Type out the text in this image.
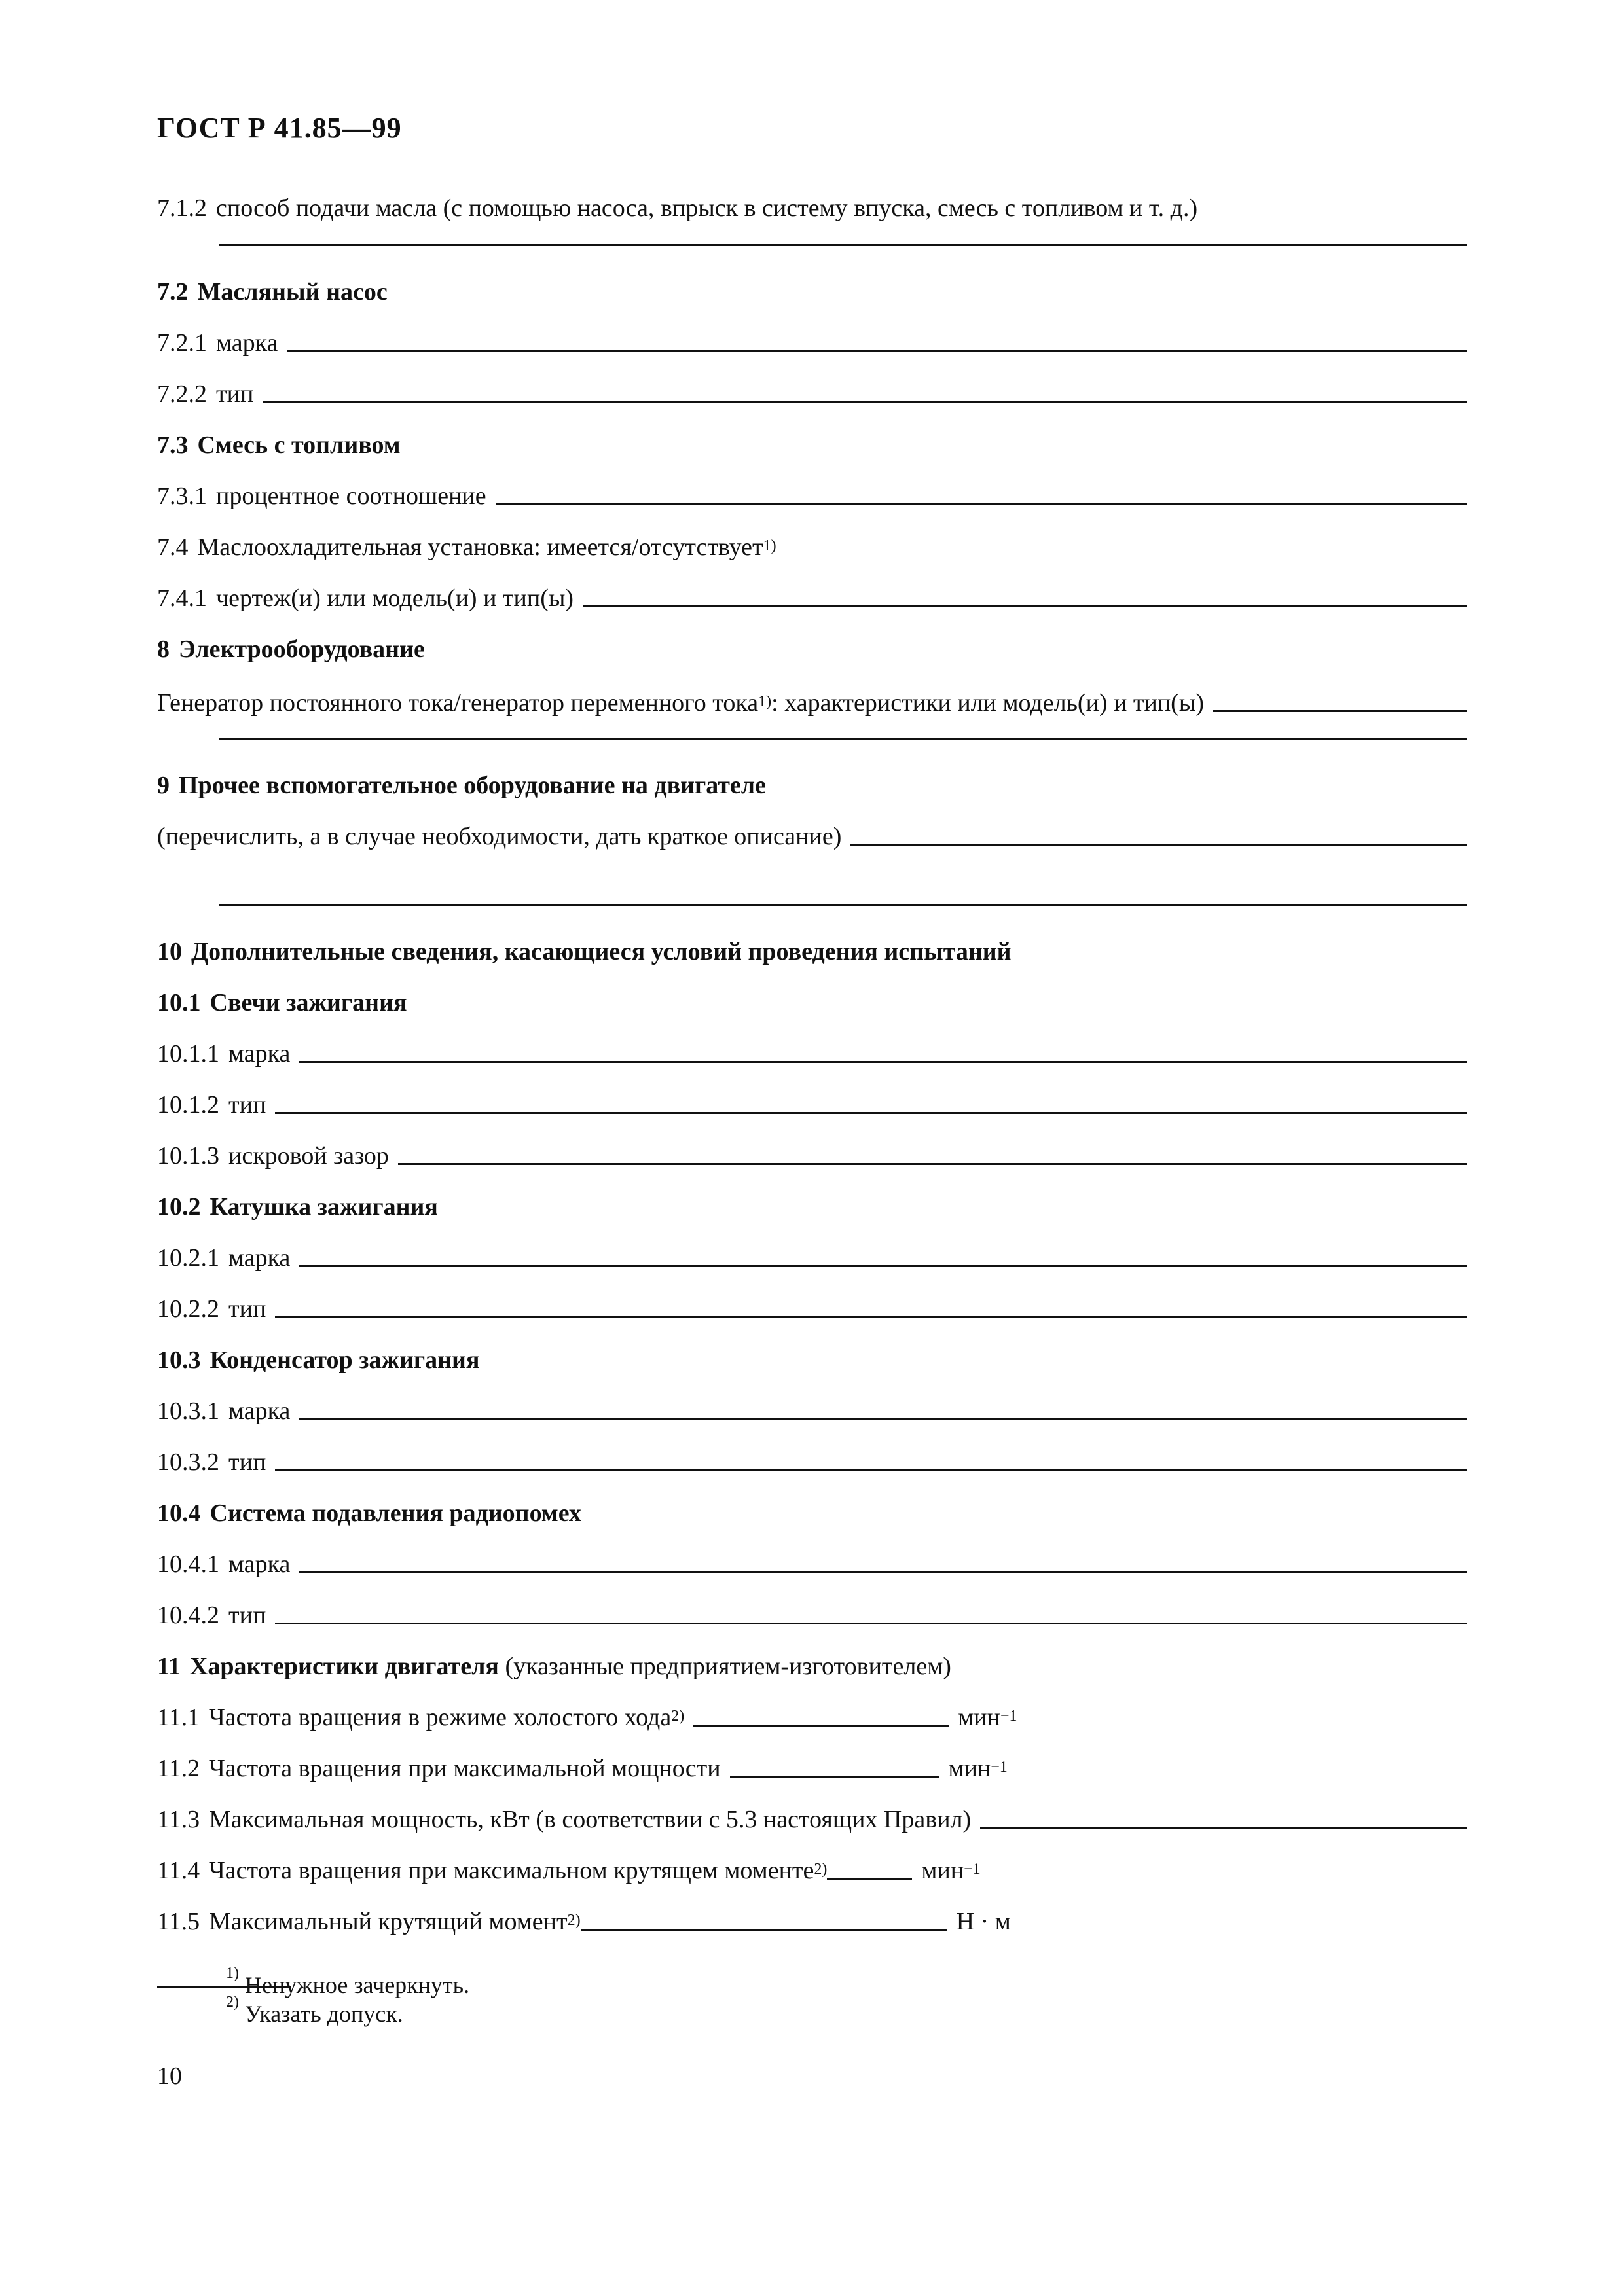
ГОСТ Р 41.85—99
7.1.2 способ подачи масла (с помощью насоса, впрыск в систему впуска, смесь с топливом и т. д.)
7.2 Масляный насос
7.2.1 марка
7.2.2 тип
7.3 Смесь с топливом
7.3.1 процентное соотношение
7.4 Маслоохладительная установка: имеется/отсутствует$^{1)}$
7.4.1 чертеж(и) или модель(и) и тип(ы)
8 Электрооборудование
Генератор постоянного тока/генератор переменного тока$^{1)}$ : характеристики или модель(и) и тип(ы)
9 Прочее вспомогательное оборудование на двигателе
(перечислить, а в случае необходимости, дать краткое описание)
10 Дополнительные сведения, касающиеся условий проведения испытаний
10.1 Свечи зажигания
10.1.1 марка
10.1.2 тип
10.1.3 искровой зазор
10.2 Катушка зажигания
10.2.1 марка
10.2.2 тип
10.3 Конденсатор зажигания
10.3.1 марка
10.3.2 тип
10.4 Система подавления радиопомех
10.4.1 марка
10.4.2 тип
11 Характеристики двигателя
(указанные предприятием-изготовителем)
11.1 Частота вращения в режиме холостого хода$^{2)}$	мин$^{-1}$
11.2 Частота вращения при максимальной мощности	мин$^{-1}$
11.3 Максимальная мощность, кВт (в соответствии с 5.3 настоящих Правил)
11.4 Частота вращения при максимальном крутящем моменте$^{2)}$	мин$^{-1}$
11.5 Максимальный крутящий момент$^{2)}$	Н · м
$^{1)}$ Ненужное зачеркнуть.
$^{2)}$ Указать допуск.
10
